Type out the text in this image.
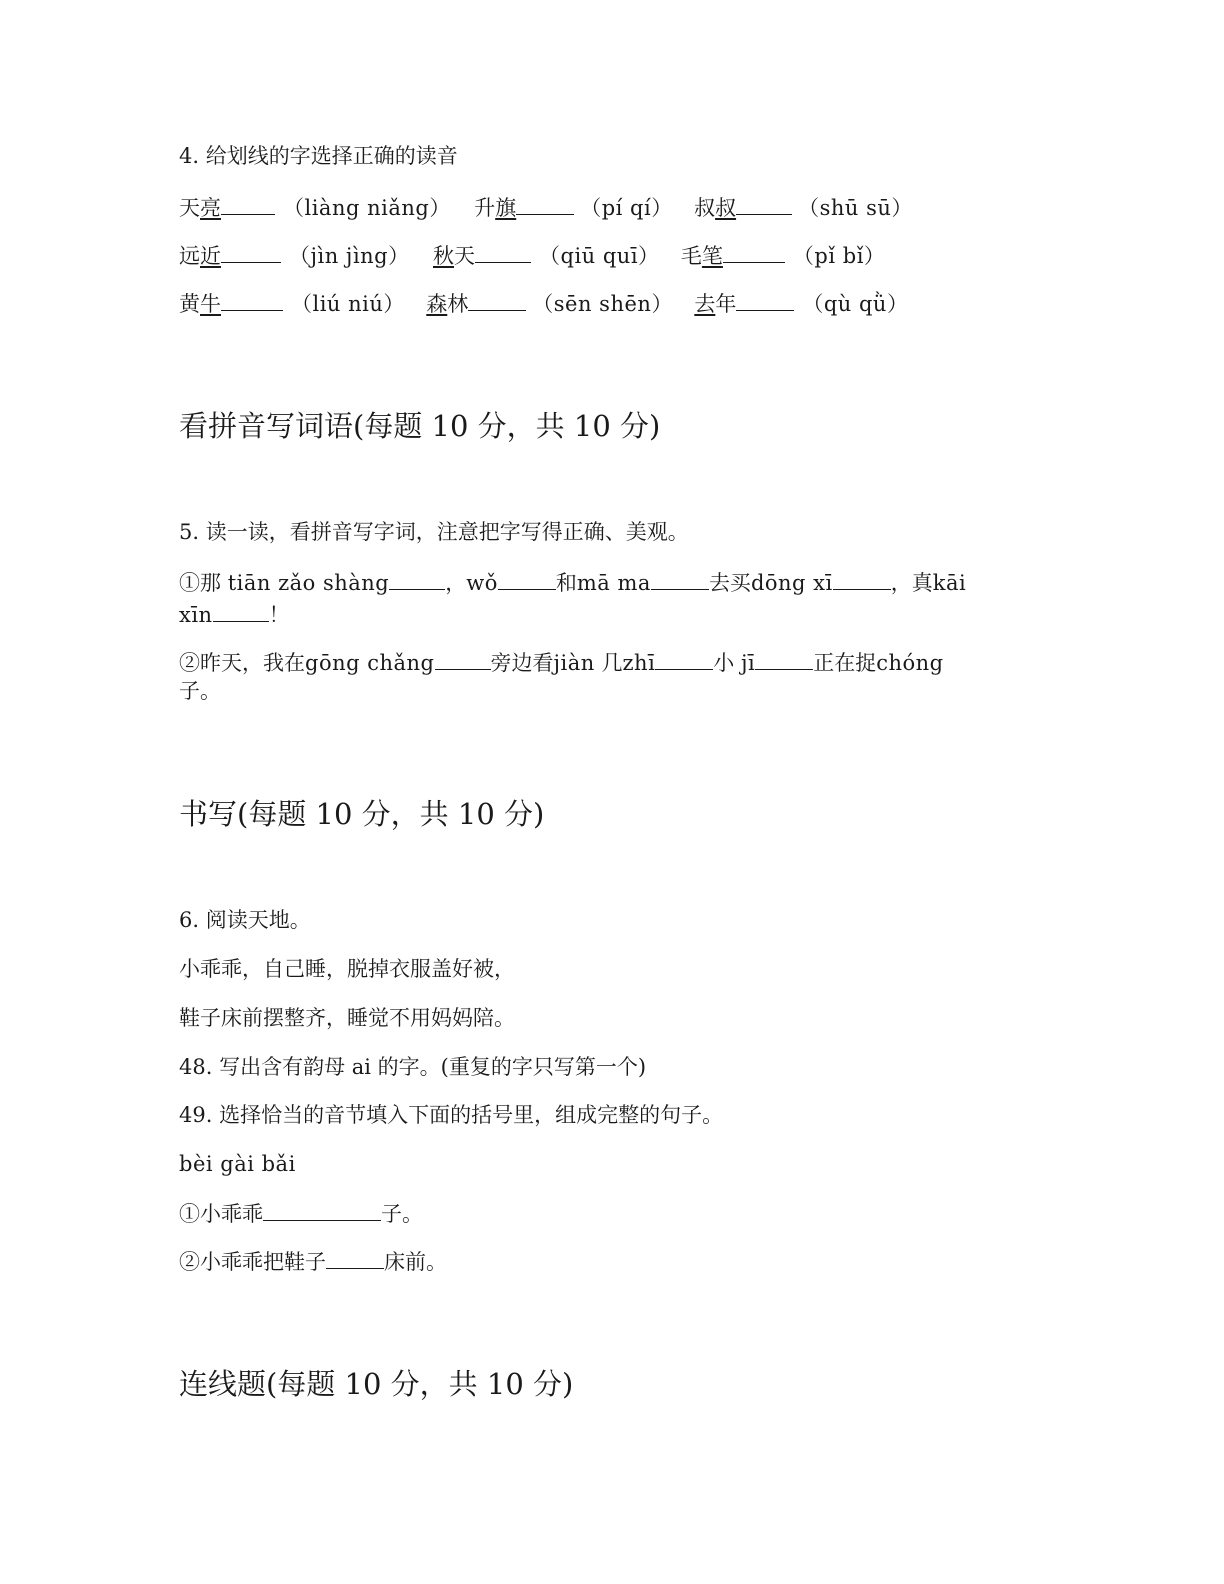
4. 给划线的字选择正确的读音
天亮	（liàng niǎng） 升旗	（pí qí） 叔叔	（shū sū）
远近	（jìn jìng） 秋天	（qiū quī） 毛笔	（pǐ bǐ）
黄牛	（liú niú） 森林	（sēn shēn） 去年	（qù qǜ）
看拼音写词语(每题 10 分，共 10 分)
5. 读一读，看拼音写字词，注意把字写得正确、美观。
①那 tiān zǎo shàng	，wǒ	和mā ma	去买dōng xī	，真kāi
xīn	！
②昨天，我在gōng chǎng	旁边看jiàn 几zhī	小 jī	正在捉chóng
子。
书写(每题 10 分，共 10 分)
6. 阅读天地。
小乖乖，自己睡，脱掉衣服盖好被，
鞋子床前摆整齐，睡觉不用妈妈陪。
48. 写出含有韵母 ai 的字。(重复的字只写第一个)
49. 选择恰当的音节填入下面的括号里，组成完整的句子。
bèi gài bǎi
①小乖乖	子。
②小乖乖把鞋子	床前。
连线题(每题 10 分，共 10 分)
